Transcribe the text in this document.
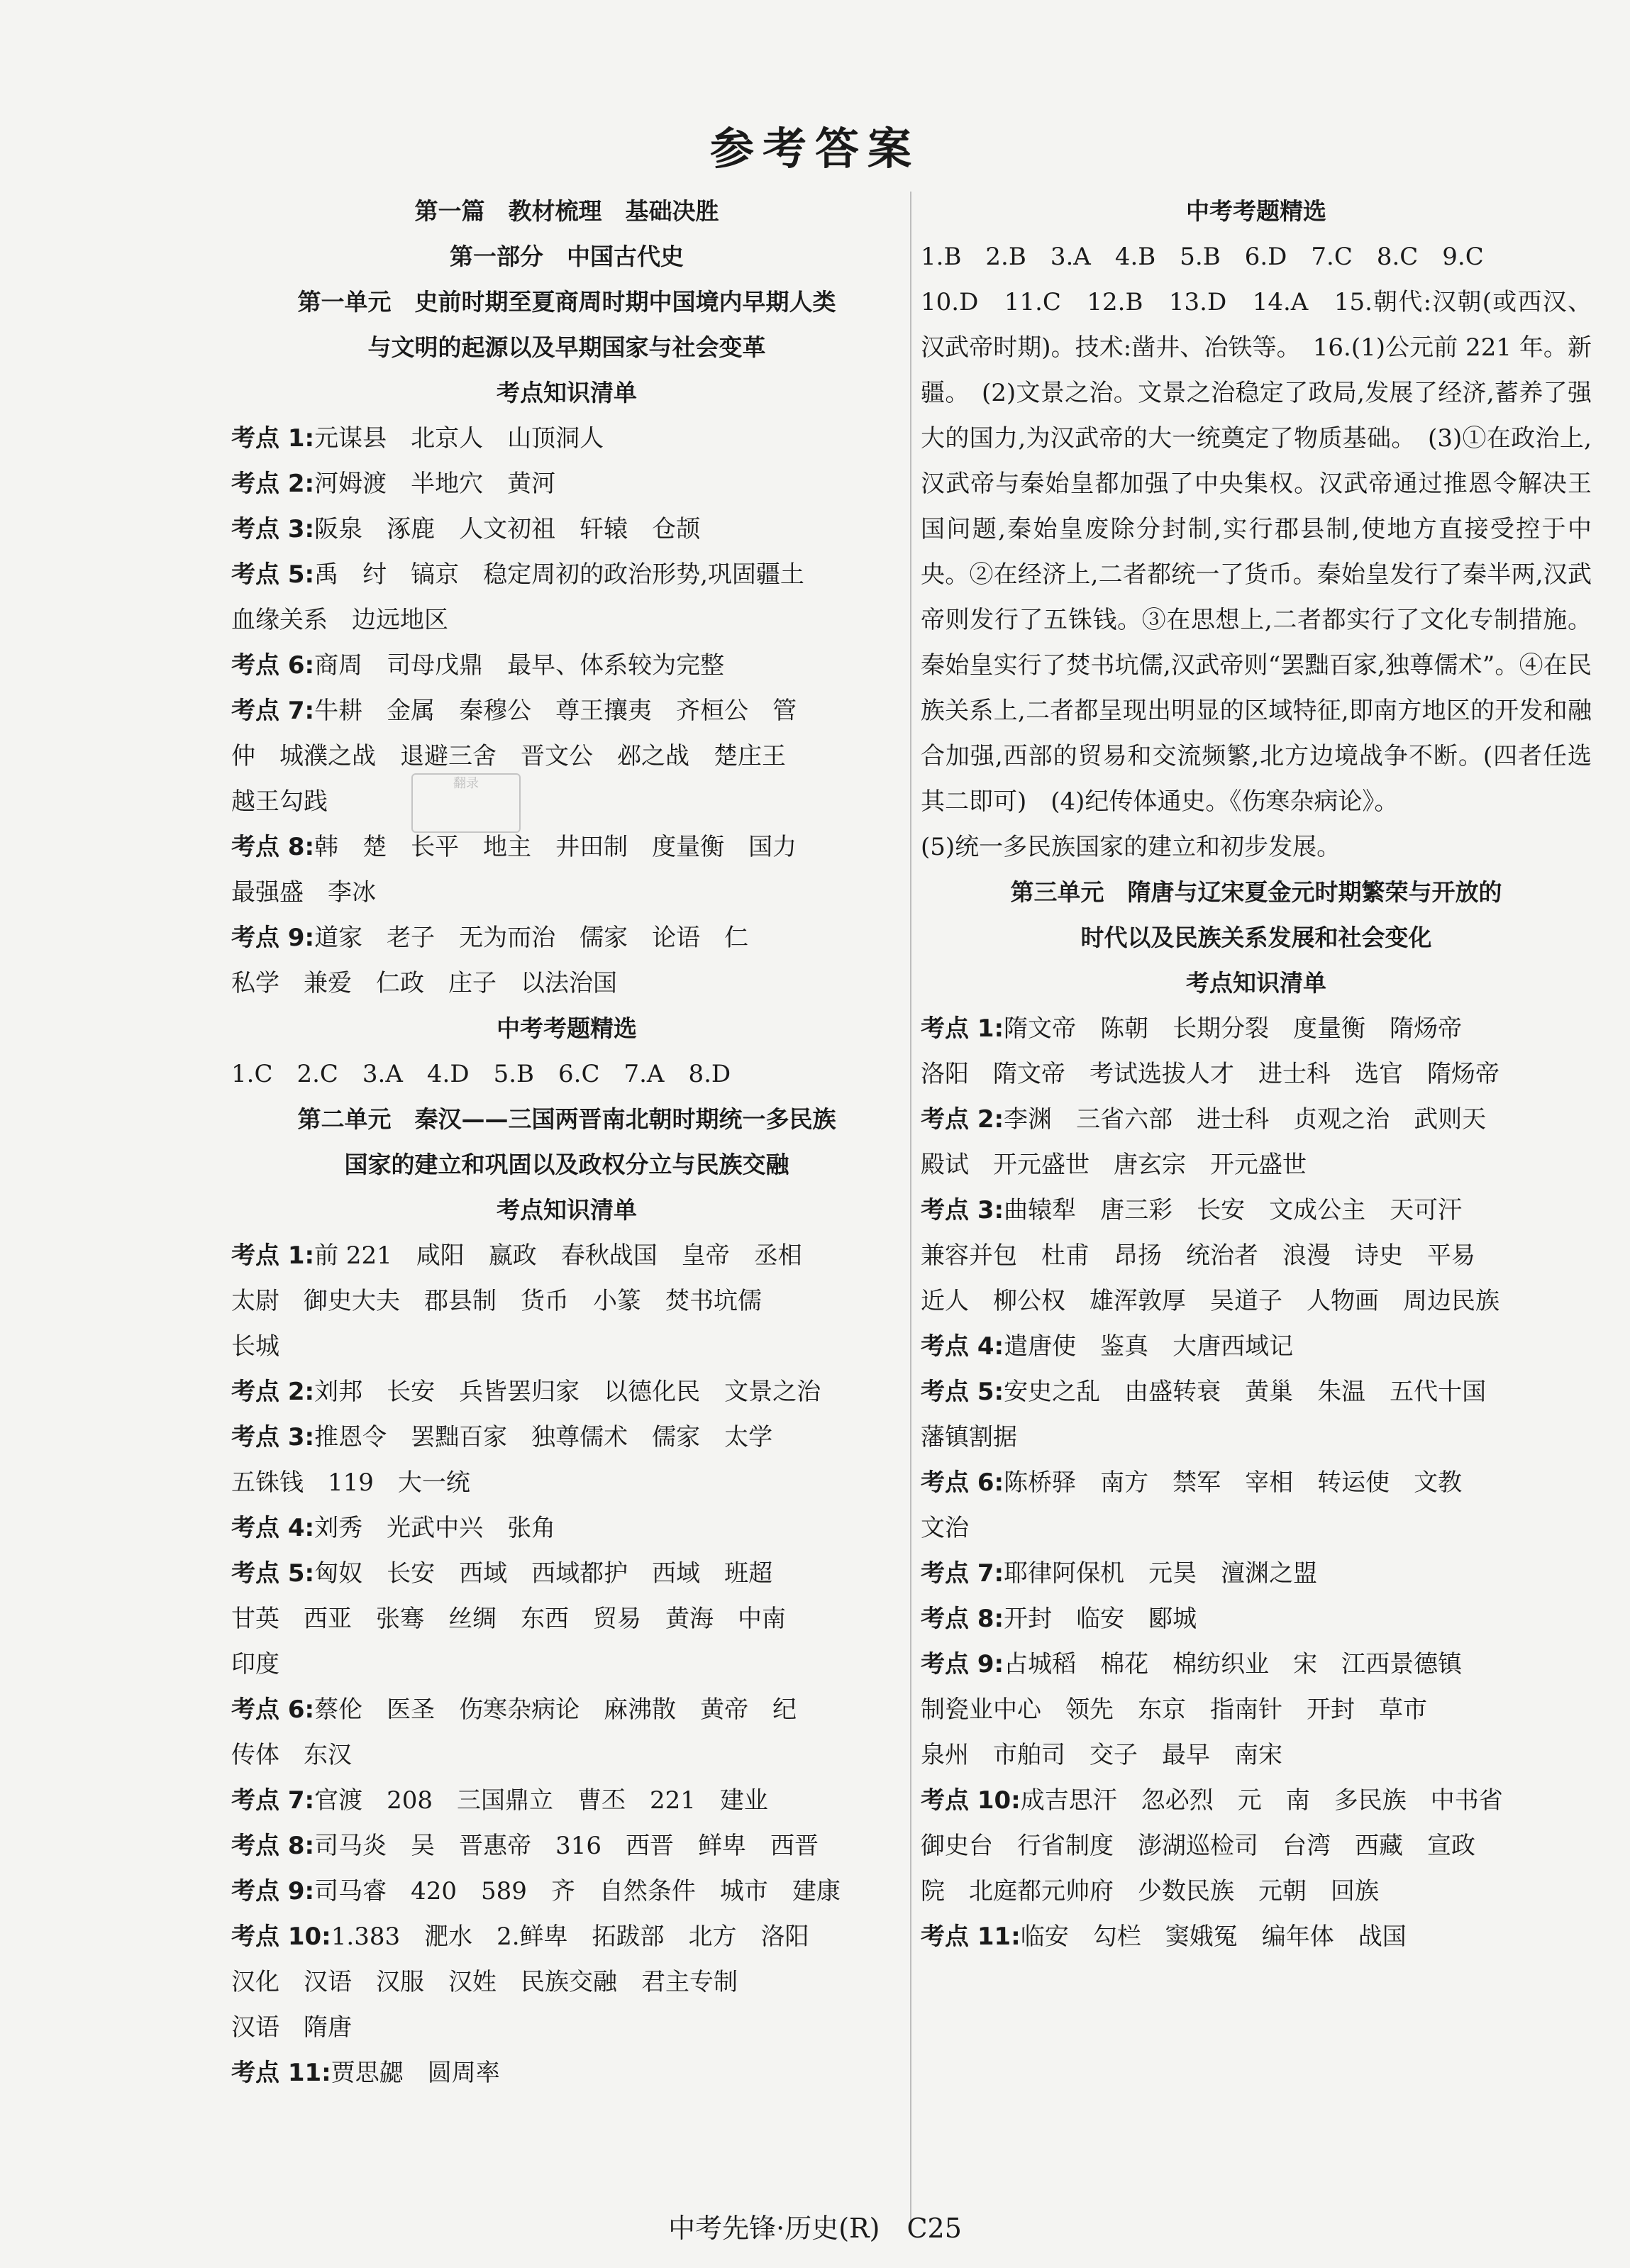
参考答案
第一篇　教材梳理　基础决胜
第一部分　中国古代史
第一单元　史前时期至夏商周时期中国境内早期人类
与文明的起源以及早期国家与社会变革
考点知识清单
考点 1:元谋县　北京人　山顶洞人
考点 2:河姆渡　半地穴　黄河
考点 3:阪泉　涿鹿　人文初祖　轩辕　仓颉
考点 5:禹　纣　镐京　稳定周初的政治形势,巩固疆土
血缘关系　边远地区
考点 6:商周　司母戊鼎　最早、体系较为完整
考点 7:牛耕　金属　秦穆公　尊王攘夷　齐桓公　管
仲　城濮之战　退避三舍　晋文公　邲之战　楚庄王
越王勾践
考点 8:韩　楚　长平　地主　井田制　度量衡　国力
最强盛　李冰
考点 9:道家　老子　无为而治　儒家　论语　仁
私学　兼爱　仁政　庄子　以法治国
中考考题精选
1.C　2.C　3.A　4.D　5.B　6.C　7.A　8.D
第二单元　秦汉——三国两晋南北朝时期统一多民族
国家的建立和巩固以及政权分立与民族交融
考点知识清单
考点 1:前 221　咸阳　嬴政　春秋战国　皇帝　丞相
太尉　御史大夫　郡县制　货币　小篆　焚书坑儒
长城
考点 2:刘邦　长安　兵皆罢归家　以德化民　文景之治
考点 3:推恩令　罢黜百家　独尊儒术　儒家　太学
五铢钱　119　大一统
考点 4:刘秀　光武中兴　张角
考点 5:匈奴　长安　西域　西域都护　西域　班超
甘英　西亚　张骞　丝绸　东西　贸易　黄海　中南
印度
考点 6:蔡伦　医圣　伤寒杂病论　麻沸散　黄帝　纪
传体　东汉
考点 7:官渡　208　三国鼎立　曹丕　221　建业
考点 8:司马炎　吴　晋惠帝　316　西晋　鲜卑　西晋
考点 9:司马睿　420　589　齐　自然条件　城市　建康
考点 10:1.383　淝水　2.鲜卑　拓跋部　北方　洛阳
汉化　汉语　汉服　汉姓　民族交融　君主专制
汉语　隋唐
考点 11:贾思勰　圆周率
中考考题精选
1.B　2.B　3.A　4.B　5.B　6.D　7.C　8.C　9.C
10.D　11.C　12.B　13.D　14.A　15.朝代:汉朝(或西汉、汉武帝时期)。技术:凿井、冶铁等。　16.(1)公元前 221 年。新疆。　(2)文景之治。文景之治稳定了政局,发展了经济,蓄养了强大的国力,为汉武帝的大一统奠定了物质基础。　(3)①在政治上,汉武帝与秦始皇都加强了中央集权。汉武帝通过推恩令解决王国问题,秦始皇废除分封制,实行郡县制,使地方直接受控于中央。②在经济上,二者都统一了货币。秦始皇发行了秦半两,汉武帝则发行了五铢钱。③在思想上,二者都实行了文化专制措施。秦始皇实行了焚书坑儒,汉武帝则“罢黜百家,独尊儒术”。④在民族关系上,二者都呈现出明显的区域特征,即南方地区的开发和融合加强,西部的贸易和交流频繁,北方边境战争不断。(四者任选其二即可)　(4)纪传体通史。《伤寒杂病论》。
(5)统一多民族国家的建立和初步发展。
第三单元　隋唐与辽宋夏金元时期繁荣与开放的
时代以及民族关系发展和社会变化
考点知识清单
考点 1:隋文帝　陈朝　长期分裂　度量衡　隋炀帝
洛阳　隋文帝　考试选拔人才　进士科　选官　隋炀帝
考点 2:李渊　三省六部　进士科　贞观之治　武则天
殿试　开元盛世　唐玄宗　开元盛世
考点 3:曲辕犁　唐三彩　长安　文成公主　天可汗
兼容并包　杜甫　昂扬　统治者　浪漫　诗史　平易
近人　柳公权　雄浑敦厚　吴道子　人物画　周边民族
考点 4:遣唐使　鉴真　大唐西域记
考点 5:安史之乱　由盛转衰　黄巢　朱温　五代十国
藩镇割据
考点 6:陈桥驿　南方　禁军　宰相　转运使　文教
文治
考点 7:耶律阿保机　元昊　澶渊之盟
考点 8:开封　临安　郾城
考点 9:占城稻　棉花　棉纺织业　宋　江西景德镇
制瓷业中心　领先　东京　指南针　开封　草市
泉州　市舶司　交子　最早　南宋
考点 10:成吉思汗　忽必烈　元　南　多民族　中书省
御史台　行省制度　澎湖巡检司　台湾　西藏　宣政
院　北庭都元帅府　少数民族　元朝　回族
考点 11:临安　勾栏　窦娥冤　编年体　战国
翻录
中考先锋·历史(R)　C25
